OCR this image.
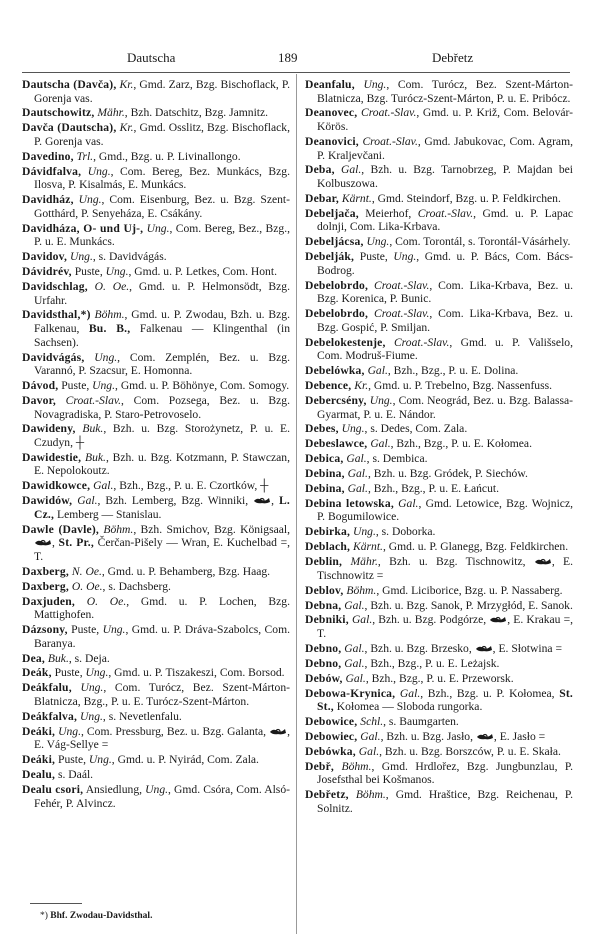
Dautscha	189	Debřetz

Dautscha (Davča), Kr., Gmd. Zarz, Bzg. Bischoflack, P. Gorenja vas.

Dautschowitz, Mähr., Bzh. Datschitz, Bzg. Jamnitz.

Davča (Dautscha), Kr., Gmd. Osslitz, Bzg. Bischoflack, P. Gorenja vas.

Davedino, Trl., Gmd., Bzg. u. P. Livinallongo.

Dávidfalva, Ung., Com. Bereg, Bez. Munkács, Bzg. Ilosva, P. Kisalmás, E. Munkács.

Davidház, Ung., Com. Eisenburg, Bez. u. Bzg. Szent-Gotthárd, P. Senyeháza, E. Csákány.

Davidháza, O- und Uj-, Ung., Com. Bereg, Bez., Bzg., P. u. E. Munkács.

Davidov, Ung., s. Davidvágás.

Dávidrév, Puste, Ung., Gmd. u. P. Letkes, Com. Hont.

Davidschlag, O. Oe., Gmd. u. P. Helmonsödt, Bzg. Urfahr.

Davidsthal,*) Böhm., Gmd. u. P. Zwodau, Bzh. u. Bzg. Falkenau, Bu. B., Falkenau — Klingenthal (in Sachsen).

Davidvágás, Ung., Com. Zemplén, Bez. u. Bzg. Varannó, P. Szacsur, E. Homonna.

Dávod, Puste, Ung., Gmd. u. P. Böhönye, Com. Somogy.

Davor, Croat.-Slav., Com. Pozsega, Bez. u. Bzg. Novagradiska, P. Staro-Petrovoselo.

Dawideny, Buk., Bzh. u. Bzg. Storożynetz, P. u. E. Czudyn, ┼

Dawidestie, Buk., Bzh. u. Bzg. Kotzmann, P. Stawczan, E. Nepolokoutz.

Dawidkowce, Gal., Bzh., Bzg., P. u. E. Czortków, ┼

Dawidów, Gal., Bzh. Lemberg, Bzg. Winniki, , L. Cz., Lemberg — Stanislau.

Dawle (Davle), Böhm., Bzh. Smichov, Bzg. Königsaal, , St. Pr., Čerčan-Pišely — Wran, E. Kuchelbad =, T.

Daxberg, N. Oe., Gmd. u. P. Behamberg, Bzg. Haag.

Daxberg, O. Oe., s. Dachsberg.

Daxjuden, O. Oe., Gmd. u. P. Lochen, Bzg. Mattighofen.

Dázsony, Puste, Ung., Gmd. u. P. Dráva-Szabolcs, Com. Baranya.

Dea, Buk., s. Deja.

Deák, Puste, Ung., Gmd. u. P. Tiszakeszi, Com. Borsod.

Deákfalu, Ung., Com. Turócz, Bez. Szent-Márton-Blatnicza, Bzg., P. u. E. Turócz-Szent-Márton.

Deákfalva, Ung., s. Nevetlenfalu.

Deáki, Ung., Com. Pressburg, Bez. u. Bzg. Galanta, , E. Vág-Sellye =

Deáki, Puste, Ung., Gmd. u. P. Nyirád, Com. Zala.

Dealu, s. Daál.

Dealu csori, Ansiedlung, Ung., Gmd. Csóra, Com. Alsó-Fehér, P. Alvincz.

Deanfalu, Ung., Com. Turócz, Bez. Szent-Márton-Blatnicza, Bzg. Turócz-Szent-Márton, P. u. E. Pribócz.

Deanovec, Croat.-Slav., Gmd. u. P. Križ, Com. Belovár-Körös.

Deanovici, Croat.-Slav., Gmd. Jabukovac, Com. Agram, P. Kraljevčani.

Deba, Gal., Bzh. u. Bzg. Tarnobrzeg, P. Majdan bei Kolbuszowa.

Debar, Kärnt., Gmd. Steindorf, Bzg. u. P. Feldkirchen.

Debeljača, Meierhof, Croat.-Slav., Gmd. u. P. Lapac dolnji, Com. Lika-Krbava.

Debeljácsa, Ung., Com. Torontál, s. Torontál-Vásárhely.

Debelják, Puste, Ung., Gmd. u. P. Bács, Com. Bács-Bodrog.

Debelobrdo, Croat.-Slav., Com. Lika-Krbava, Bez. u. Bzg. Korenica, P. Bunic.

Debelobrdo, Croat.-Slav., Com. Lika-Krbava, Bez. u. Bzg. Gospić, P. Smiljan.

Debelokestenje, Croat.-Slav., Gmd. u. P. Vališselo, Com. Modruš-Fiume.

Debelówka, Gal., Bzh., Bzg., P. u. E. Dolina.

Debence, Kr., Gmd. u. P. Trebelno, Bzg. Nassenfuss.

Debercsény, Ung., Com. Neográd, Bez. u. Bzg. Balassa-Gyarmat, P. u. E. Nándor.

Debes, Ung., s. Dedes, Com. Zala.

Debeslawce, Gal., Bzh., Bzg., P. u. E. Kołomea.

Debica, Gal., s. Dembica.

Debina, Gal., Bzh. u. Bzg. Gródek, P. Siechów.

Debina, Gal., Bzh., Bzg., P. u. E. Łańcut.

Debina letowska, Gal., Gmd. Letowice, Bzg. Wojnicz, P. Bogumilowice.

Debirka, Ung., s. Doborka.

Deblach, Kärnt., Gmd. u. P. Glanegg, Bzg. Feldkirchen.

Deblin, Mähr., Bzh. u. Bzg. Tischnowitz, , E. Tischnowitz =

Deblov, Böhm., Gmd. Liciborice, Bzg. u. P. Nassaberg.

Debna, Gal., Bzh. u. Bzg. Sanok, P. Mrzygłód, E. Sanok.

Debniki, Gal., Bzh. u. Bzg. Podgórze, , E. Krakau =, T.

Debno, Gal., Bzh. u. Bzg. Brzesko, , E. Słotwina =

Debno, Gal., Bzh., Bzg., P. u. E. Leżajsk.

Debów, Gal., Bzh., Bzg., P. u. E. Przeworsk.

Debowa-Krynica, Gal., Bzh., Bzg. u. P. Kołomea, St. St., Kołomea — Sloboda rungorka.

Debowice, Schl., s. Baumgarten.

Debowiec, Gal., Bzh. u. Bzg. Jasło, , E. Jasło =

Debówka, Gal., Bzh. u. Bzg. Borszców, P. u. E. Skała.

Debř, Böhm., Gmd. Hrdlořez, Bzg. Jungbunzlau, P. Josefsthal bei Košmanos.

Debřetz, Böhm., Gmd. Hraštice, Bzg. Reichenau, P. Solnitz.

*) Bhf. Zwodau-Davidsthal.
